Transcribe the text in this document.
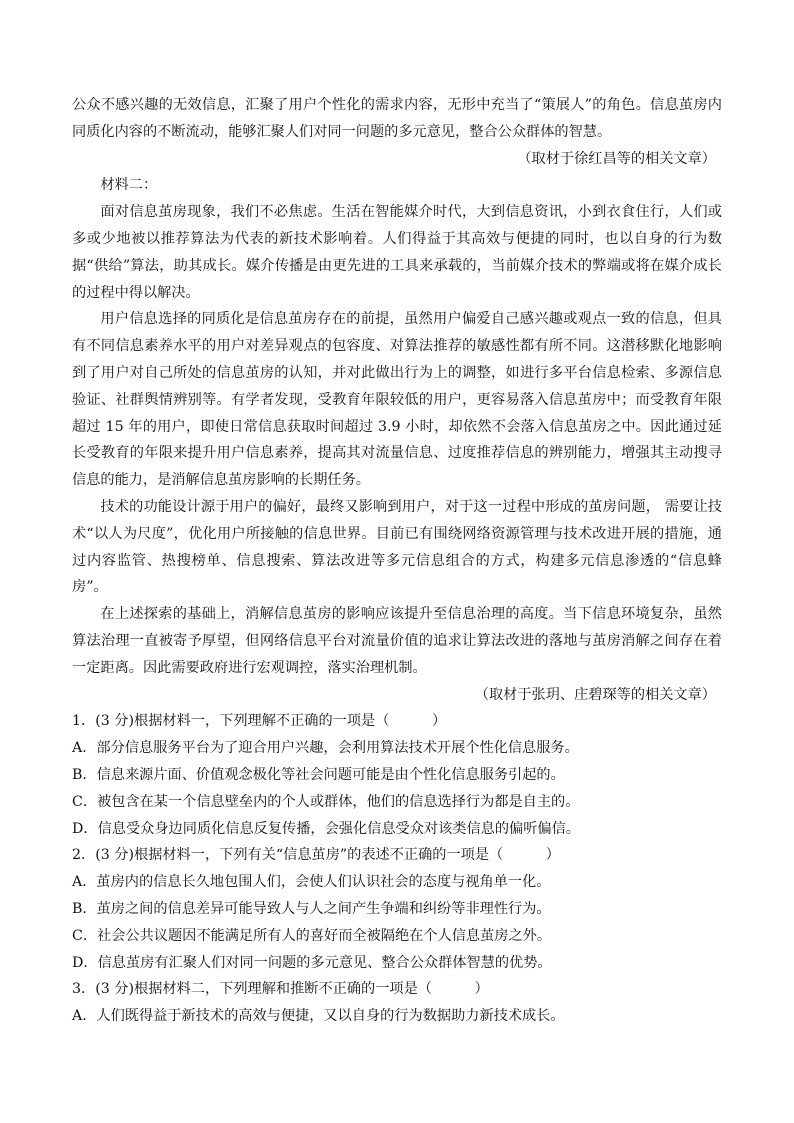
公众不感兴趣的无效信息，汇聚了用户个性化的需求内容，无形中充当了“策展人”的角色。信息茧房内同质化内容的不断流动，能够汇聚人们对同一问题的多元意见，整合公众群体的智慧。

（取材于徐红昌等的相关文章）

材料二：

面对信息茧房现象，我们不必焦虑。生活在智能媒介时代，大到信息资讯，小到衣食住行，人们或多或少地被以推荐算法为代表的新技术影响着。人们得益于其高效与便捷的同时，也以自身的行为数据“供给”算法，助其成长。媒介传播是由更先进的工具来承载的，当前媒介技术的弊端或将在媒介成长的过程中得以解决。

用户信息选择的同质化是信息茧房存在的前提，虽然用户偏爱自己感兴趣或观点一致的信息，但具有不同信息素养水平的用户对差异观点的包容度、对算法推荐的敏感性都有所不同。这潜移默化地影响到了用户对自己所处的信息茧房的认知，并对此做出行为上的调整，如进行多平台信息检索、多源信息验证、社群舆情辨别等。有学者发现，受教育年限较低的用户，更容易落入信息茧房中；而受教育年限超过 15 年的用户，即使日常信息获取时间超过 3.9 小时，却依然不会落入信息茧房之中。因此通过延长受教育的年限来提升用户信息素养，提高其对流量信息、过度推荐信息的辨别能力，增强其主动搜寻信息的能力，是消解信息茧房影响的长期任务。

技术的功能设计源于用户的偏好，最终又影响到用户，对于这一过程中形成的茧房问题， 需要让技术“以人为尺度”，优化用户所接触的信息世界。目前已有围绕网络资源管理与技术改进开展的措施，通过内容监管、热搜榜单、信息搜索、算法改进等多元信息组合的方式，构建多元信息渗透的“信息蜂房”。

在上述探索的基础上，消解信息茧房的影响应该提升至信息治理的高度。当下信息环境复杂，虽然算法治理一直被寄予厚望，但网络信息平台对流量价值的追求让算法改进的落地与茧房消解之间存在着一定距离。因此需要政府进行宏观调控，落实治理机制。

（取材于张玥、庄碧琛等的相关文章）

1．(3 分)根据材料一，下列理解不正确的一项是（　　　）

A．部分信息服务平台为了迎合用户兴趣，会利用算法技术开展个性化信息服务。

B．信息来源片面、价值观念极化等社会问题可能是由个性化信息服务引起的。

C．被包含在某一个信息壁垒内的个人或群体，他们的信息选择行为都是自主的。

D．信息受众身边同质化信息反复传播，会强化信息受众对该类信息的偏听偏信。

2．(3 分)根据材料一，下列有关“信息茧房”的表述不正确的一项是（　　　）

A．茧房内的信息长久地包围人们，会使人们认识社会的态度与视角单一化。

B．茧房之间的信息差异可能导致人与人之间产生争端和纠纷等非理性行为。

C．社会公共议题因不能满足所有人的喜好而全被隔绝在个人信息茧房之外。

D．信息茧房有汇聚人们对同一问题的多元意见、整合公众群体智慧的优势。

3．(3 分)根据材料二，下列理解和推断不正确的一项是（　　　）

A．人们既得益于新技术的高效与便捷，又以自身的行为数据助力新技术成长。
